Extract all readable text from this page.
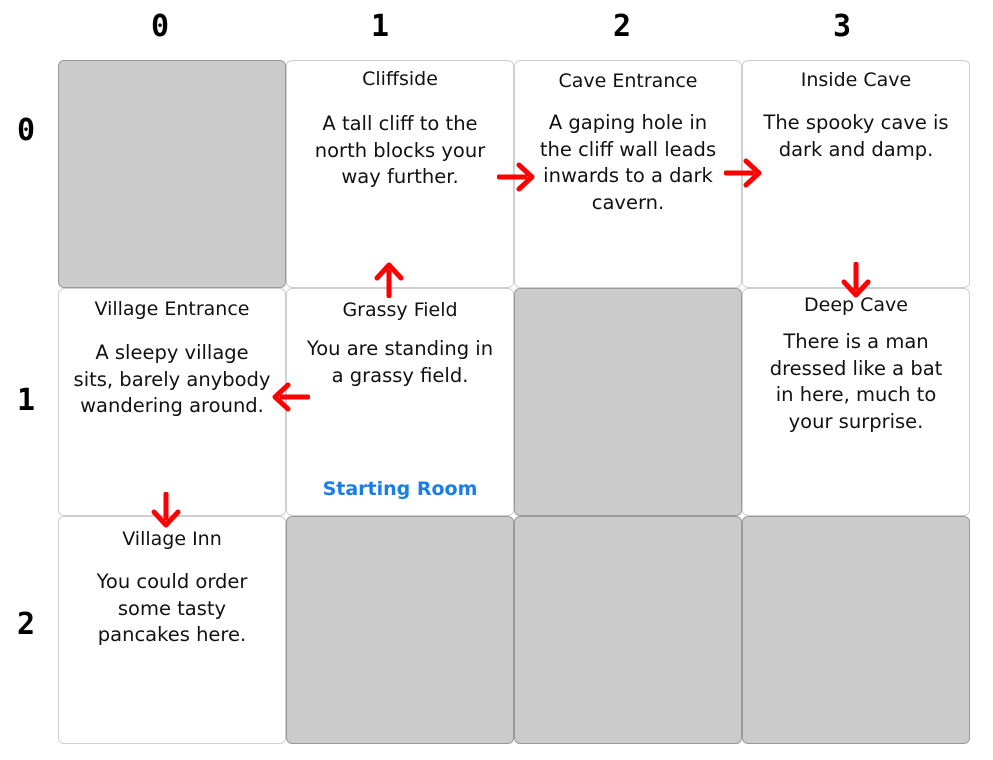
0	1	2	3
0
1
2
Cliffside
A tall cliff to the
north blocks your
way further.
Cave Entrance
A gaping hole in
the cliff wall leads
inwards to a dark
cavern.
Inside Cave
The spooky cave is
dark and damp.
Village Entrance
A sleepy village
sits, barely anybody
wandering around.
Grassy Field
You are standing in
a grassy field.
Starting Room
Deep Cave
There is a man
dressed like a bat
in here, much to
your surprise.
Village Inn
You could order
some tasty
pancakes here.
